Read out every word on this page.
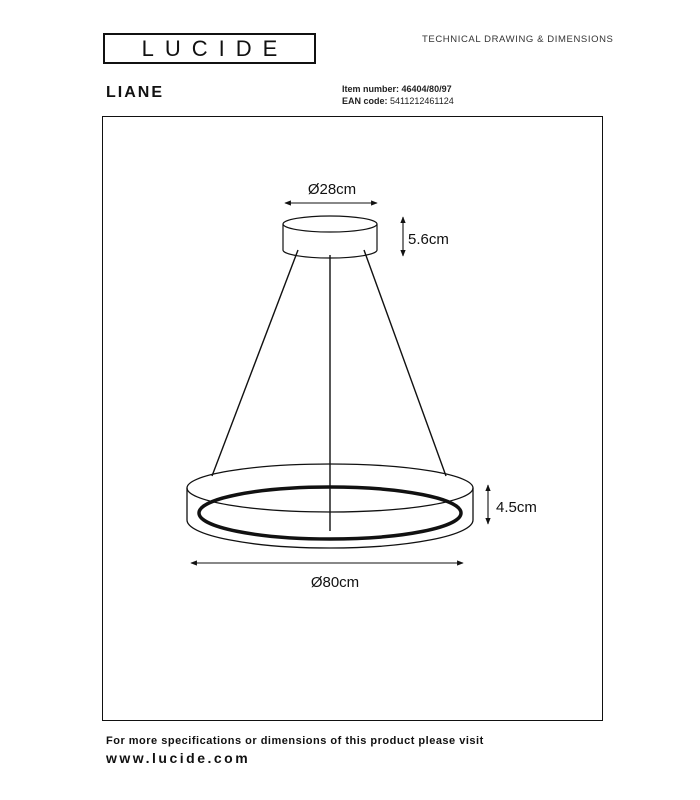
LUCIDE	TECHNICAL DRAWING & DIMENSIONS
LIANE	Item number: 46404/80/97
EAN code: 5411212461124
Ø28cm
5.6cm
4.5cm
Ø80cm
For more specifications or dimensions of this product please visit
www.lucide.com
